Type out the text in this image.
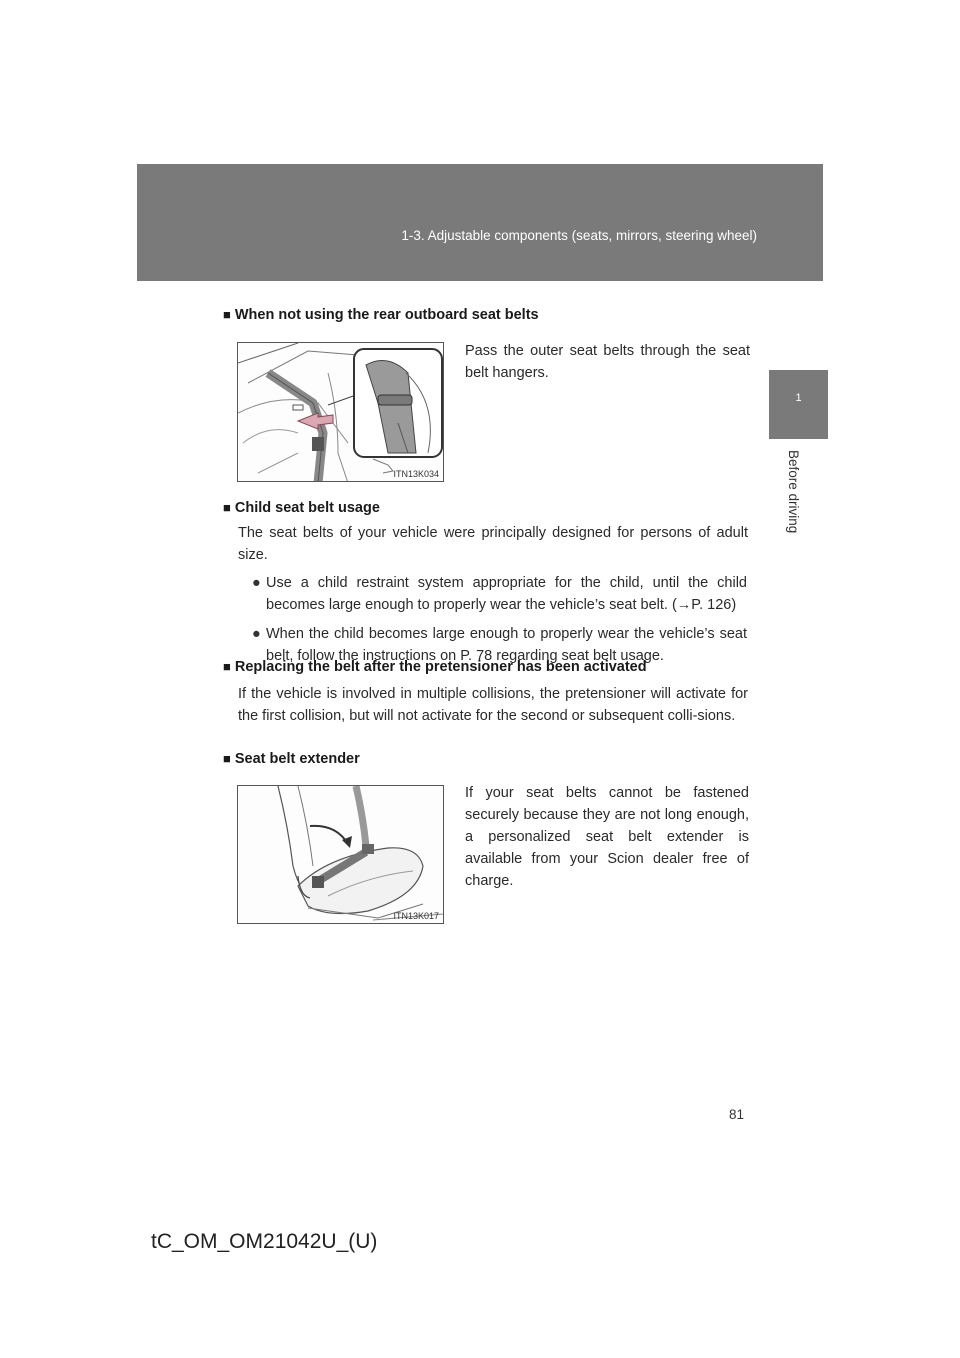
1-3. Adjustable components (seats, mirrors, steering wheel)
1
Before driving
■ When not using the rear outboard seat belts
ITN13K034
Pass the outer seat belts through the seat belt hangers.
■ Child seat belt usage
The seat belts of your vehicle were principally designed for persons of adult size.
● Use a child restraint system appropriate for the child, until the child becomes large enough to properly wear the vehicle’s seat belt. (→P. 126)
● When the child becomes large enough to properly wear the vehicle’s seat belt, follow the instructions on P. 78 regarding seat belt usage.
■ Replacing the belt after the pretensioner has been activated
If the vehicle is involved in multiple collisions, the pretensioner will activate for the first collision, but will not activate for the second or subsequent colli-sions.
■ Seat belt extender
ITN13K017
If your seat belts cannot be fastened securely because they are not long enough, a personalized seat belt extender is available from your Scion dealer free of charge.
81
tC_OM_OM21042U_(U)
